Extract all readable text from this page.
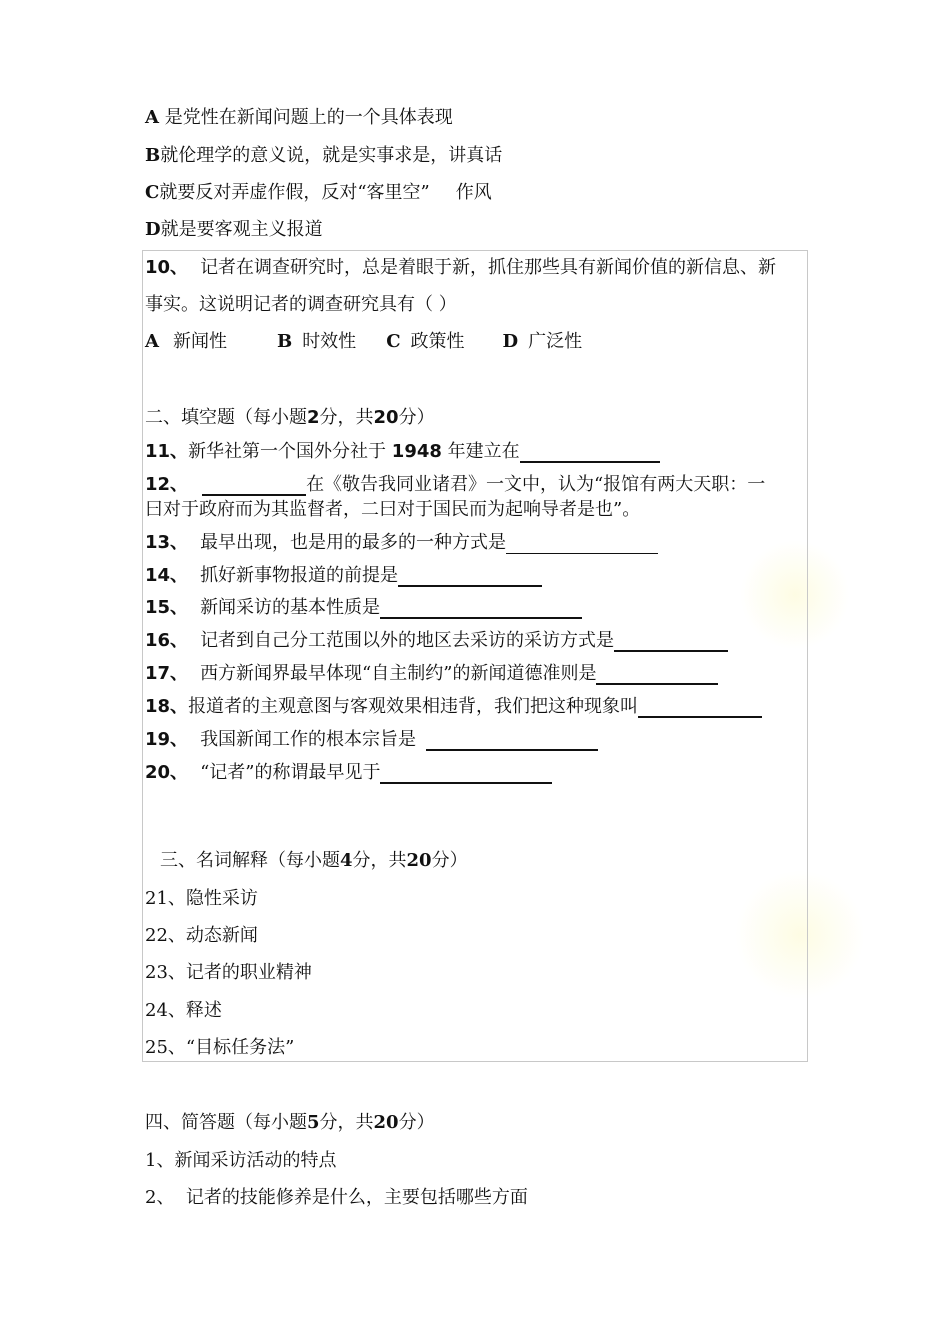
A 是党性在新闻问题上的一个具体表现
B就伦理学的意义说，就是实事求是，讲真话
C就要反对弄虚作假，反对“客里空” 作风
D就是要客观主义报道
10、 记者在调查研究时，总是着眼于新，抓住那些具有新闻价值的新信息、新
事实。这说明记者的调查研究具有（ ）
A 新闻性	B 时效性 C 政策性 D 广泛性
二、填空题（每小题2分，共20分）
11、新华社第一个国外分社于 1948 年建立在
12、	在《敬告我同业诸君》一文中，认为“报馆有两大天职：一
曰对于政府而为其监督者，二曰对于国民而为起响导者是也”。
13、 最早出现，也是用的最多的一种方式是
14、 抓好新事物报道的前提是
15、 新闻采访的基本性质是
16、 记者到自己分工范围以外的地区去采访的采访方式是
17、 西方新闻界最早体现“自主制约”的新闻道德准则是
18、报道者的主观意图与客观效果相违背，我们把这种现象叫
19、 我国新闻工作的根本宗旨是
20、 “记者”的称谓最早见于
三、名词解释（每小题4分，共20分）
21、隐性采访
22、动态新闻
23、记者的职业精神
24、释述
25、“目标任务法”
四、简答题（每小题5分，共20分）
1、新闻采访活动的特点
2、  记者的技能修养是什么，主要包括哪些方面
